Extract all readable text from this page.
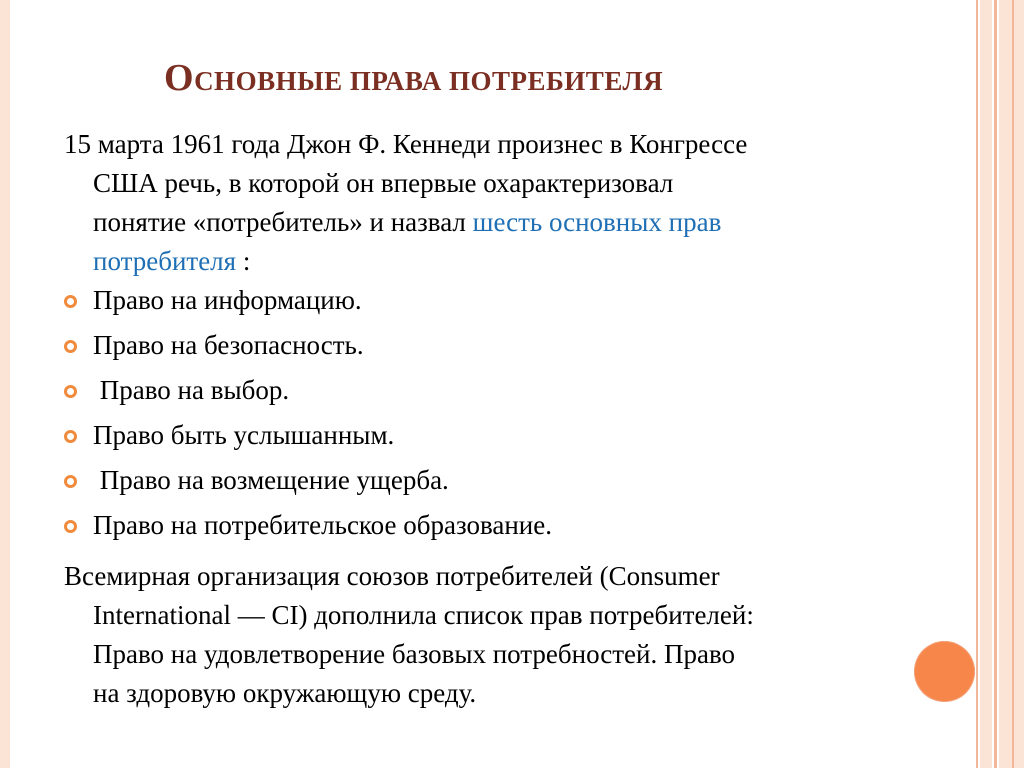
ОСНОВНЫЕ ПРАВА ПОТРЕБИТЕЛЯ
15 марта 1961 года Джон Ф. Кеннеди произнес в Конгрессе
США речь, в которой он впервые охарактеризовал
понятие «потребитель» и назвал шесть основных прав
потребителя :
Право на информацию.
Право на безопасность.
Право на выбор.
Право быть услышанным.
Право на возмещение ущерба.
Право на потребительское образование.
Всемирная организация союзов потребителей (Consumer
International — CI) дополнила список прав потребителей:
Право на удовлетворение базовых потребностей. Право
на здоровую окружающую среду.
